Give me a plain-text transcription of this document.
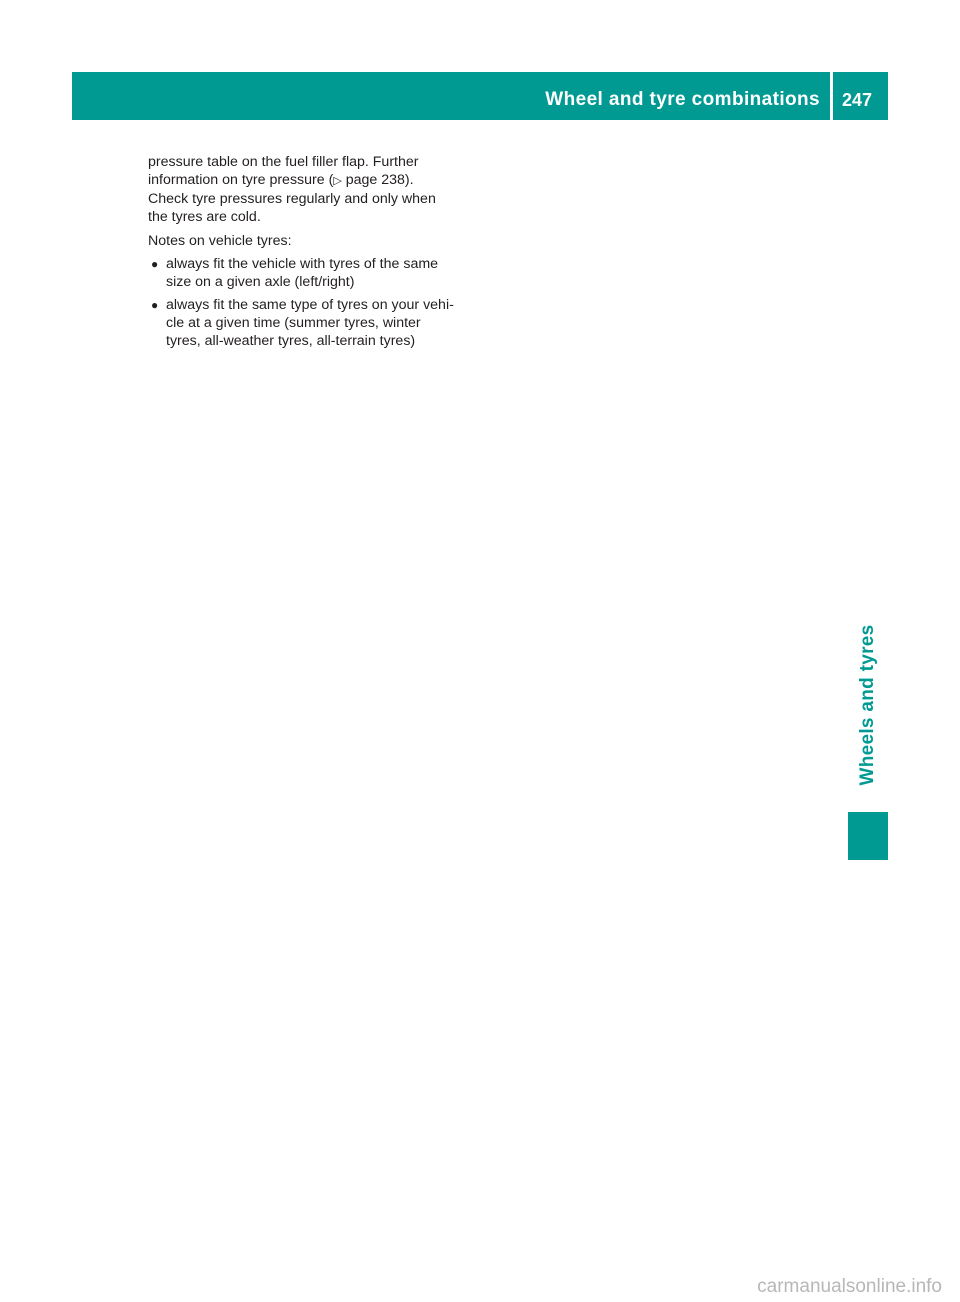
Wheel and tyre combinations 247

pressure table on the fuel filler flap. Further
information on tyre pressure (▷ page 238).
Check tyre pressures regularly and only when
the tyres are cold.

Notes on vehicle tyres:

● always fit the vehicle with tyres of the same
size on a given axle (left/right)
● always fit the same type of tyres on your vehi-
cle at a given time (summer tyres, winter
tyres, all-weather tyres, all-terrain tyres)
Wheels and tyres
carmanualsonline.info
